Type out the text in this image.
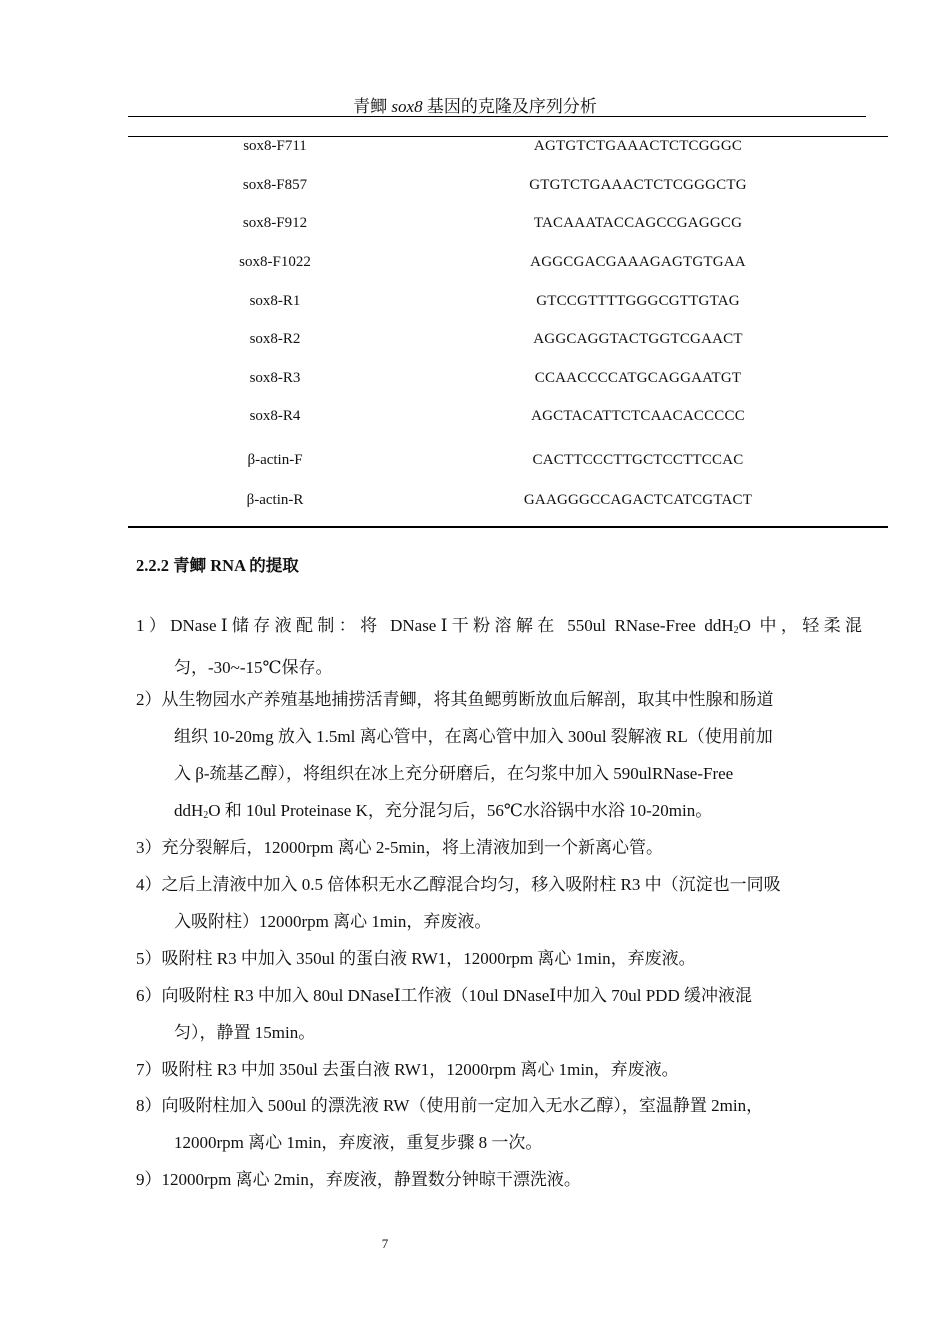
青鲫 sox8 基因的克隆及序列分析
sox8-F711	AGTGTCTGAAACTCTCGGGC
sox8-F857	GTGTCTGAAACTCTCGGGCTG
sox8-F912	TACAAATACCAGCCGAGGCG
sox8-F1022	AGGCGACGAAAGAGTGTGAA
sox8-R1	GTCCGTTTTGGGCGTTGTAG
sox8-R2	AGGCAGGTACTGGTCGAACT
sox8-R3	CCAACCCCATGCAGGAATGT
sox8-R4	AGCTACATTCTCAACACCCCC
β-actin-F	CACTTCCCTTGCTCCTTCCAC
β-actin-R	GAAGGGCCAGACTCATCGTACT
2.2.2 青鲫 RNA 的提取
1）DNaseⅠ储存液配制：将 DNaseⅠ干粉溶解在 550ul RNase-Free ddH$_2$O 中，轻柔混
匀，-30~-15℃保存。
2）从生物园水产养殖基地捕捞活青鲫，将其鱼鳃剪断放血后解剖，取其中性腺和肠道
组织 10-20mg 放入 1.5ml 离心管中，在离心管中加入 300ul 裂解液 RL（使用前加
入 β-巯基乙醇），将组织在冰上充分研磨后，在匀浆中加入 590ulRNase-Free
ddH$_2$O 和 10ul Proteinase K，充分混匀后，56℃水浴锅中水浴 10-20min。
3）充分裂解后，12000rpm 离心 2-5min，将上清液加到一个新离心管。
4）之后上清液中加入 0.5 倍体积无水乙醇混合均匀，移入吸附柱 R3 中（沉淀也一同吸
入吸附柱）12000rpm 离心 1min，弃废液。
5）吸附柱 R3 中加入 350ul 的蛋白液 RW1，12000rpm 离心 1min，弃废液。
6）向吸附柱 R3 中加入 80ul DNaseⅠ工作液（10ul DNaseⅠ中加入 70ul PDD 缓冲液混
匀），静置 15min。
7）吸附柱 R3 中加 350ul 去蛋白液 RW1，12000rpm 离心 1min，弃废液。
8）向吸附柱加入 500ul 的漂洗液 RW（使用前一定加入无水乙醇），室温静置 2min，
12000rpm 离心 1min，弃废液，重复步骤 8 一次。
9）12000rpm 离心 2min，弃废液，静置数分钟晾干漂洗液。
7
